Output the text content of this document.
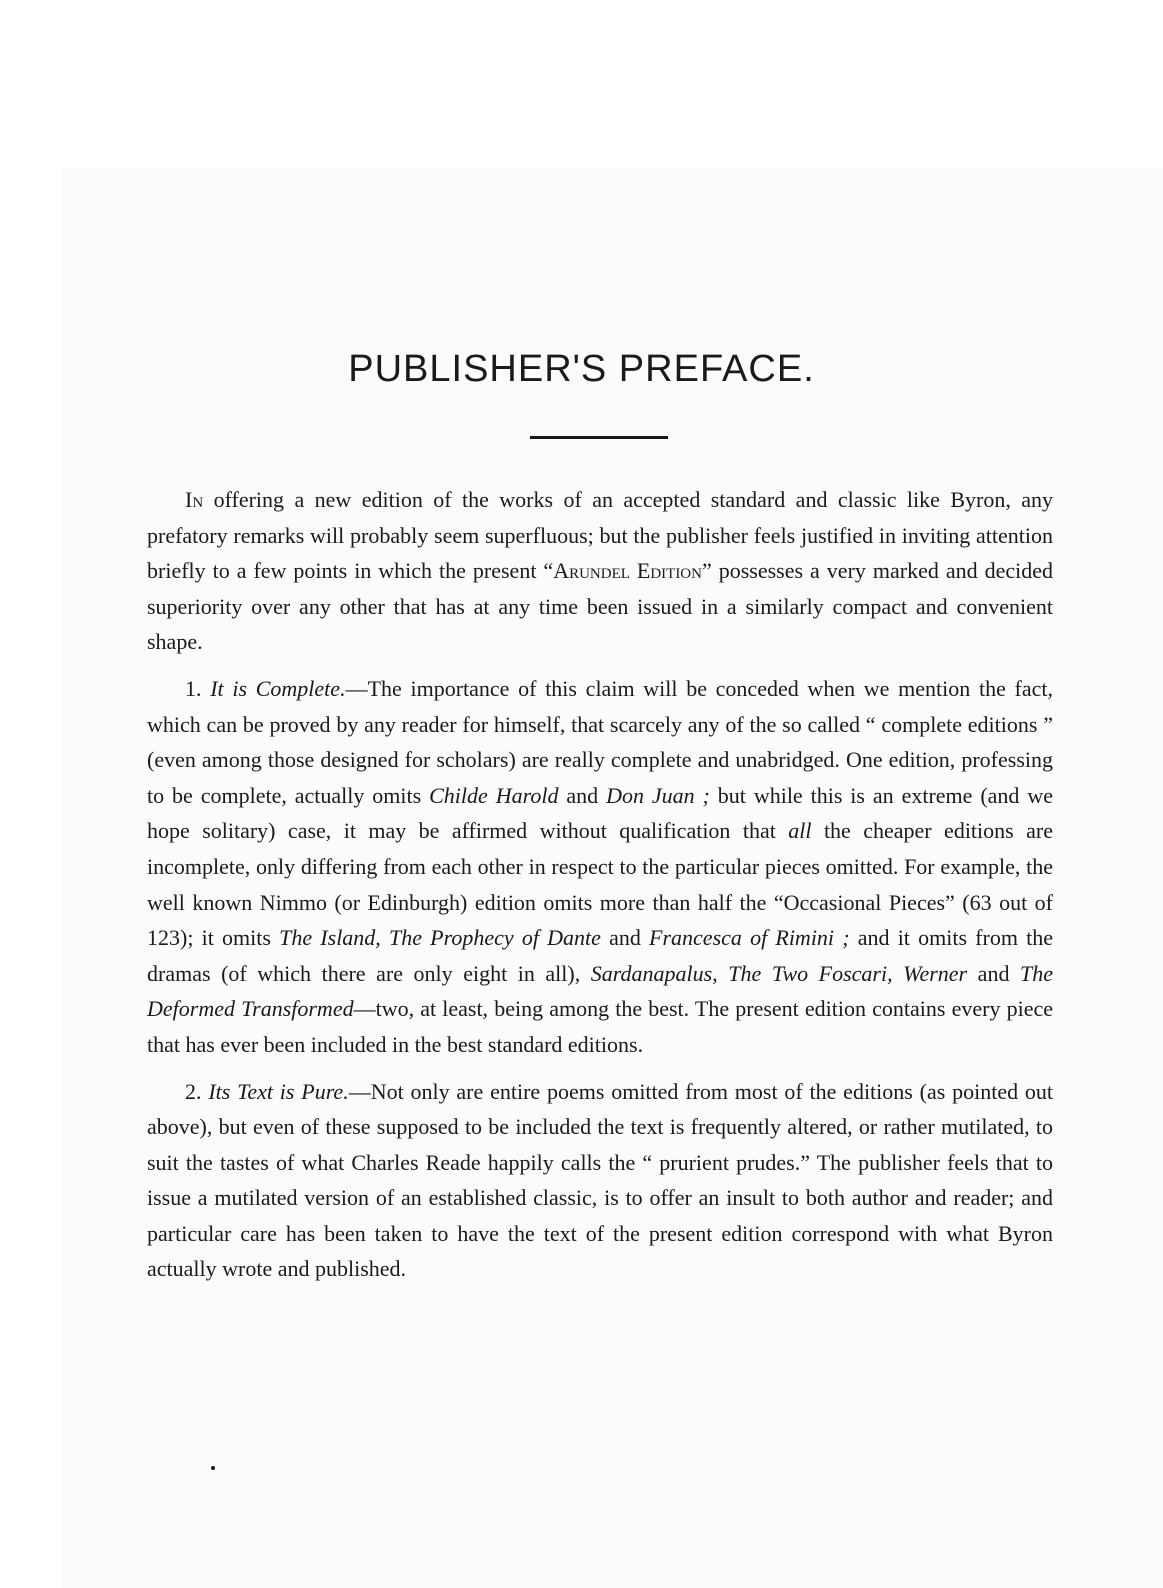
PUBLISHER'S PREFACE.

In offering a new edition of the works of an accepted standard and classic like Byron, any prefatory remarks will probably seem superfluous; but the publisher feels justified in inviting attention briefly to a few points in which the present “Arundel Edition” possesses a very marked and decided superiority over any other that has at any time been issued in a similarly compact and convenient shape.

1. It is Complete.—The importance of this claim will be conceded when we mention the fact, which can be proved by any reader for himself, that scarcely any of the so called “ complete editions ” (even among those designed for scholars) are really complete and unabridged. One edition, professing to be complete, actually omits Childe Harold and Don Juan ; but while this is an extreme (and we hope solitary) case, it may be affirmed without qualification that all the cheaper editions are incomplete, only differing from each other in respect to the particular pieces omitted. For example, the well known Nimmo (or Edinburgh) edition omits more than half the “Occasional Pieces” (63 out of 123); it omits The Island, The Prophecy of Dante and Francesca of Rimini ; and it omits from the dramas (of which there are only eight in all), Sardanapalus, The Two Foscari, Werner and The Deformed Transformed—two, at least, being among the best. The present edition contains every piece that has ever been included in the best standard editions.

2. Its Text is Pure.—Not only are entire poems omitted from most of the editions (as pointed out above), but even of these supposed to be included the text is frequently altered, or rather mutilated, to suit the tastes of what Charles Reade happily calls the “ prurient prudes.” The publisher feels that to issue a mutilated version of an established classic, is to offer an insult to both author and reader; and particular care has been taken to have the text of the present edition correspond with what Byron actually wrote and published.
